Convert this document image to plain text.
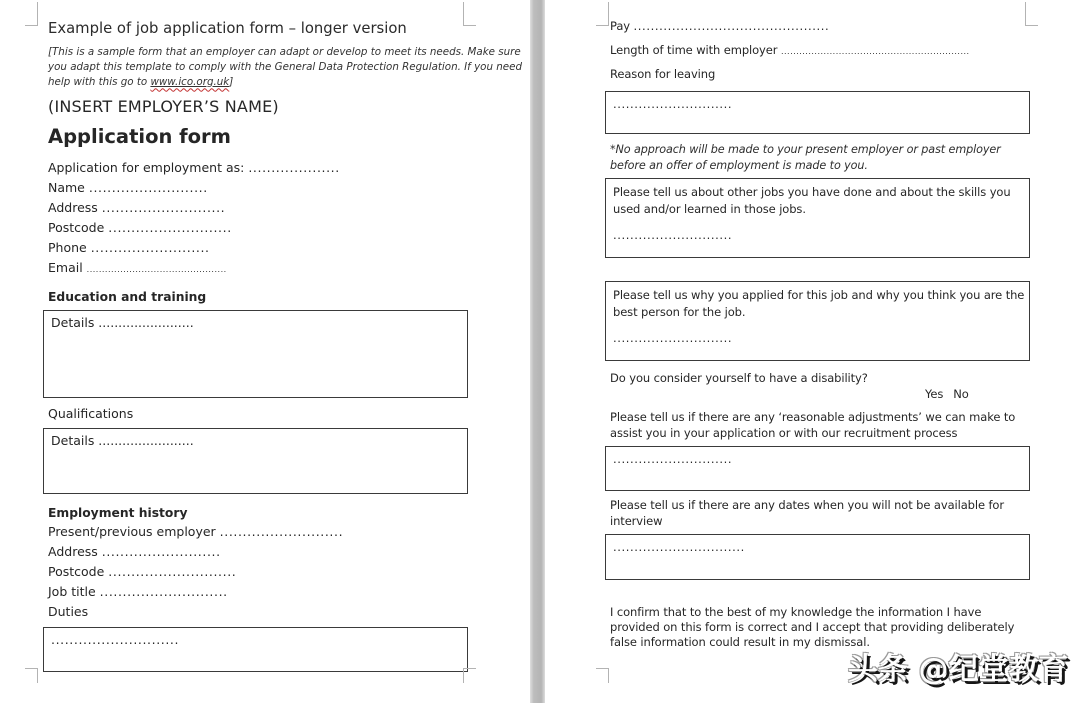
Example of job application form – longer version
[This is a sample form that an employer can adapt or develop to meet its needs. Make sure
you adapt this template to comply with the General Data Protection Regulation. If you need
help with this go to www.ico.org.uk]
(INSERT EMPLOYER’S NAME)
Application form
Application for employment as: ....................
Name ..........................
Address ...........................
Postcode ...........................
Phone ..........................
Email ..............................................
Education and training
Details ........................
Qualifications
Details ........................
Employment history
Present/previous employer ...........................
Address ..........................
Postcode ............................
Job title ............................
Duties
............................
Pay ..............................................
Length of time with employer ..............................................................
Reason for leaving
............................
*No approach will be made to your present employer or past employer
before an offer of employment is made to you.
Please tell us about other jobs you have done and about the skills you
used and/or learned in those jobs.
............................
Please tell us why you applied for this job and why you think you are the
best person for the job.
............................
Do you consider yourself to have a disability?
Yes No
Please tell us if there are any ‘reasonable adjustments’ we can make to
assist you in your application or with our recruitment process
............................
Please tell us if there are any dates when you will not be available for
interview
...............................
I confirm that to the best of my knowledge the information I have
provided on this form is correct and I accept that providing deliberately
false information could result in my dismissal.
头条 @纪堂教育
